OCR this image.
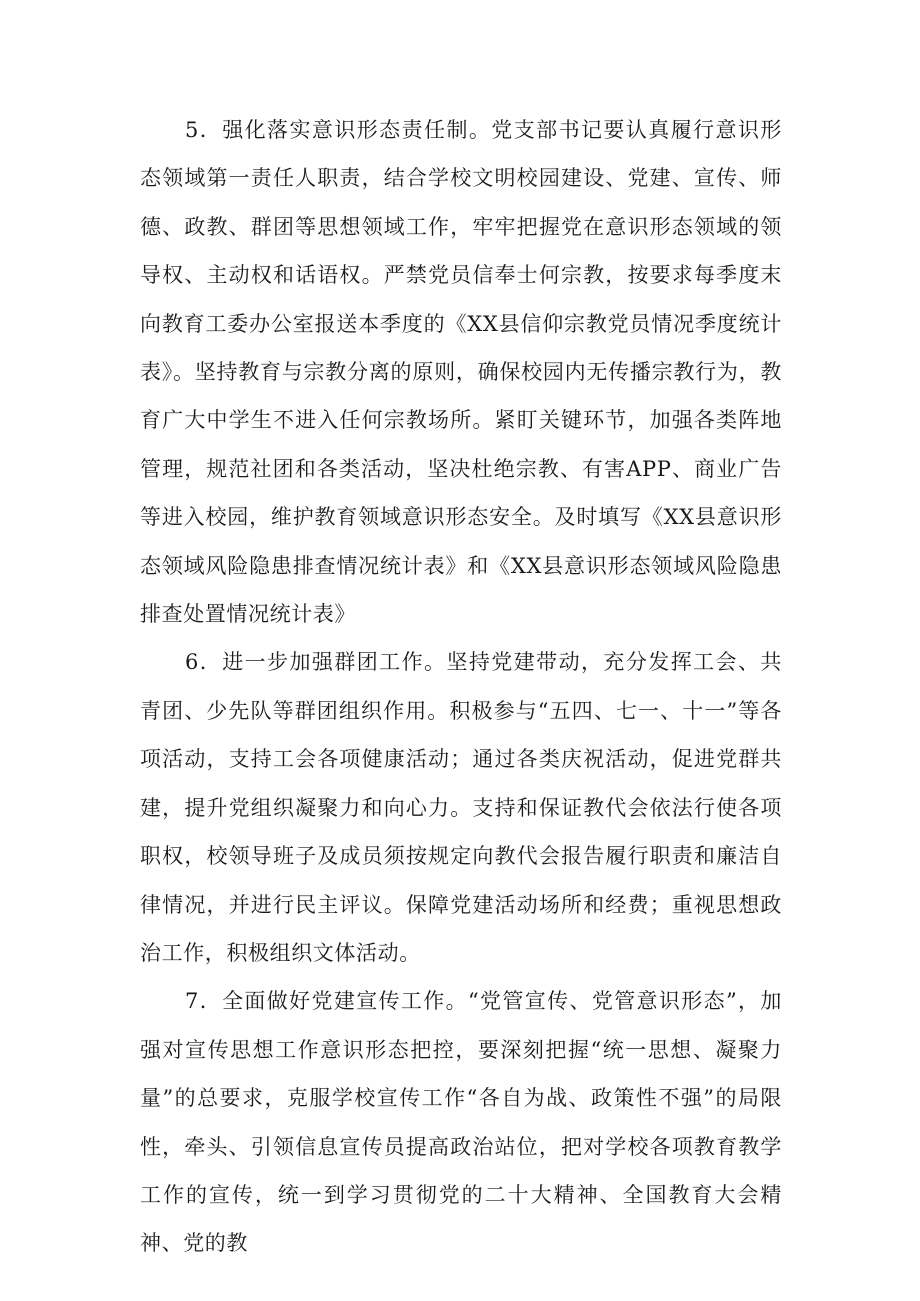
5．强化落实意识形态责任制。党支部书记要认真履行意识形态领域第一责任人职责，结合学校文明校园建设、党建、宣传、师德、政教、群团等思想领域工作，牢牢把握党在意识形态领域的领导权、主动权和话语权。严禁党员信奉士何宗教，按要求每季度末向教育工委办公室报送本季度的《XX县信仰宗教党员情况季度统计表》。坚持教育与宗教分离的原则，确保校园内无传播宗教行为，教育广大中学生不进入任何宗教场所。紧盯关键环节，加强各类阵地管理，规范社团和各类活动，坚决杜绝宗教、有害APP、商业广告等进入校园，维护教育领域意识形态安全。及时填写《XX县意识形态领域风险隐患排查情况统计表》和《XX县意识形态领域风险隐患排查处置情况统计表》

6．进一步加强群团工作。坚持党建带动，充分发挥工会、共青团、少先队等群团组织作用。积极参与“五四、七一、十一”等各项活动，支持工会各项健康活动；通过各类庆祝活动，促进党群共建，提升党组织凝聚力和向心力。支持和保证教代会依法行使各项职权，校领导班子及成员须按规定向教代会报告履行职责和廉洁自律情况，并进行民主评议。保障党建活动场所和经费；重视思想政治工作，积极组织文体活动。

7．全面做好党建宣传工作。“党管宣传、党管意识形态”，加强对宣传思想工作意识形态把控，要深刻把握“统一思想、凝聚力量”的总要求，克服学校宣传工作“各自为战、政策性不强”的局限性，牵头、引领信息宣传员提高政治站位，把对学校各项教育教学工作的宣传，统一到学习贯彻党的二十大精神、全国教育大会精神、党的教
